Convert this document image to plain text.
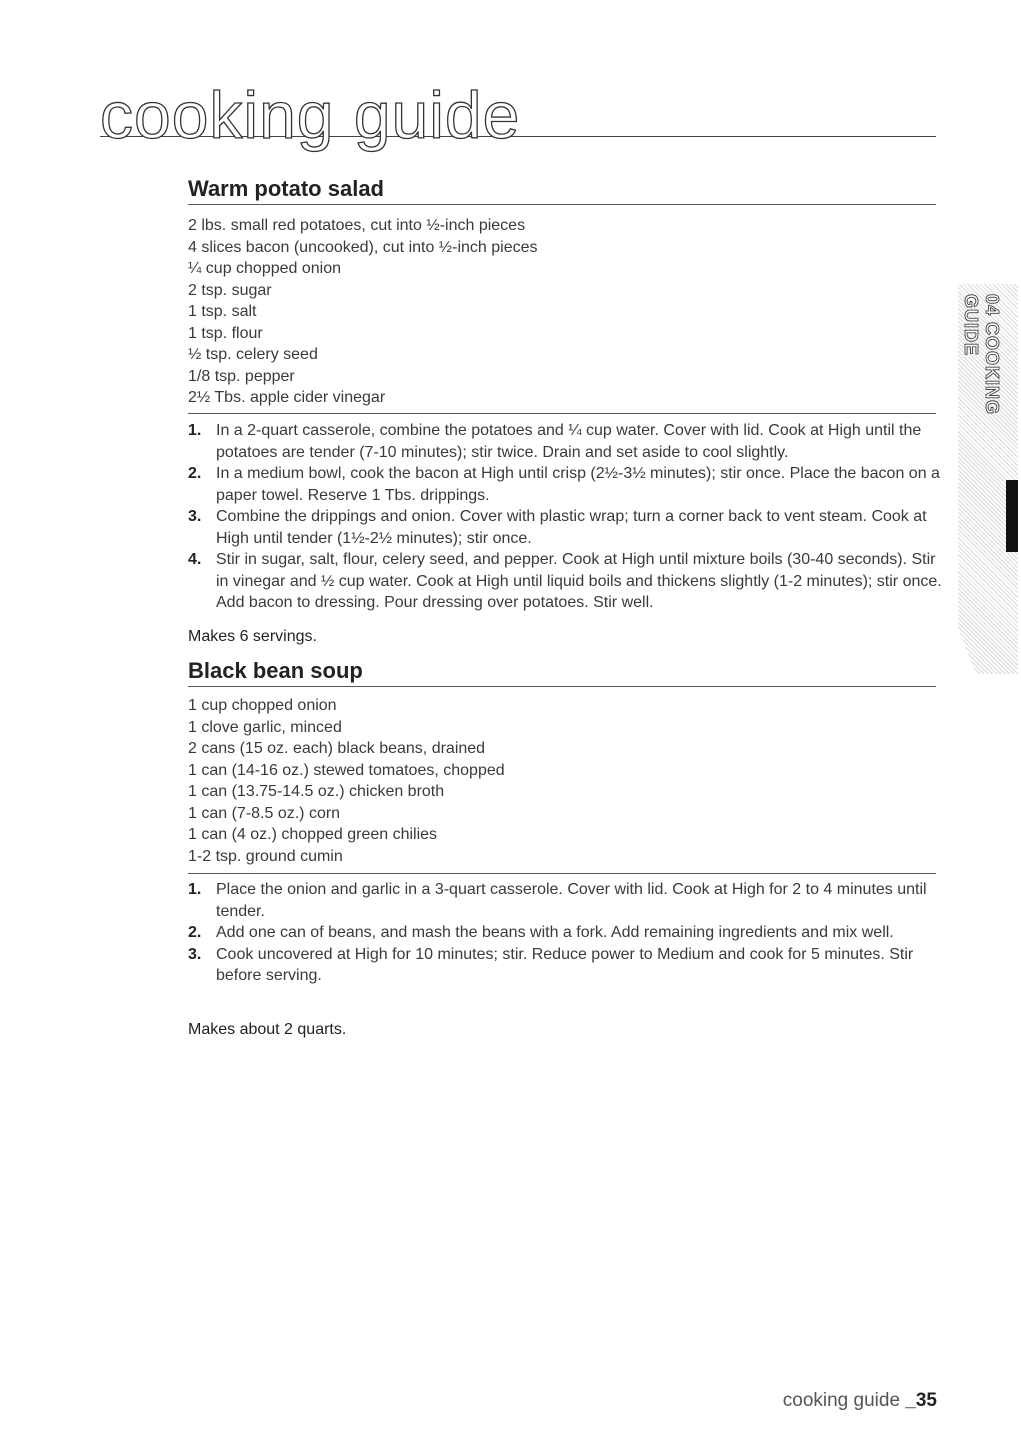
cooking guide
Warm potato salad
2 lbs. small red potatoes, cut into ½-inch pieces
4 slices bacon (uncooked), cut into ½-inch pieces
¼ cup chopped onion
2 tsp. sugar
1 tsp. salt
1 tsp. flour
½ tsp. celery seed
1/8 tsp. pepper
2½ Tbs. apple cider vinegar
1. In a 2-quart casserole, combine the potatoes and ¼ cup water. Cover with lid. Cook at High until the potatoes are tender (7-10 minutes); stir twice. Drain and set aside to cool slightly.
2. In a medium bowl, cook the bacon at High until crisp (2½-3½ minutes); stir once. Place the bacon on a paper towel. Reserve 1 Tbs. drippings.
3. Combine the drippings and onion. Cover with plastic wrap; turn a corner back to vent steam. Cook at High until tender (1½-2½ minutes); stir once.
4. Stir in sugar, salt, flour, celery seed, and pepper. Cook at High until mixture boils (30-40 seconds). Stir in vinegar and ½ cup water. Cook at High until liquid boils and thickens slightly (1-2 minutes); stir once. Add bacon to dressing. Pour dressing over potatoes. Stir well.
Makes 6 servings.
Black bean soup
1 cup chopped onion
1 clove garlic, minced
2 cans (15 oz. each) black beans, drained
1 can (14-16 oz.) stewed tomatoes, chopped
1 can (13.75-14.5 oz.) chicken broth
1 can (7-8.5 oz.) corn
1 can (4 oz.) chopped green chilies
1-2 tsp. ground cumin
1. Place the onion and garlic in a 3-quart casserole. Cover with lid. Cook at High for 2 to 4 minutes until tender.
2. Add one can of beans, and mash the beans with a fork. Add remaining ingredients and mix well.
3. Cook uncovered at High for 10 minutes; stir. Reduce power to Medium and cook for 5 minutes. Stir before serving.
Makes about 2 quarts.
04 COOKING GUIDE
cooking guide _35
